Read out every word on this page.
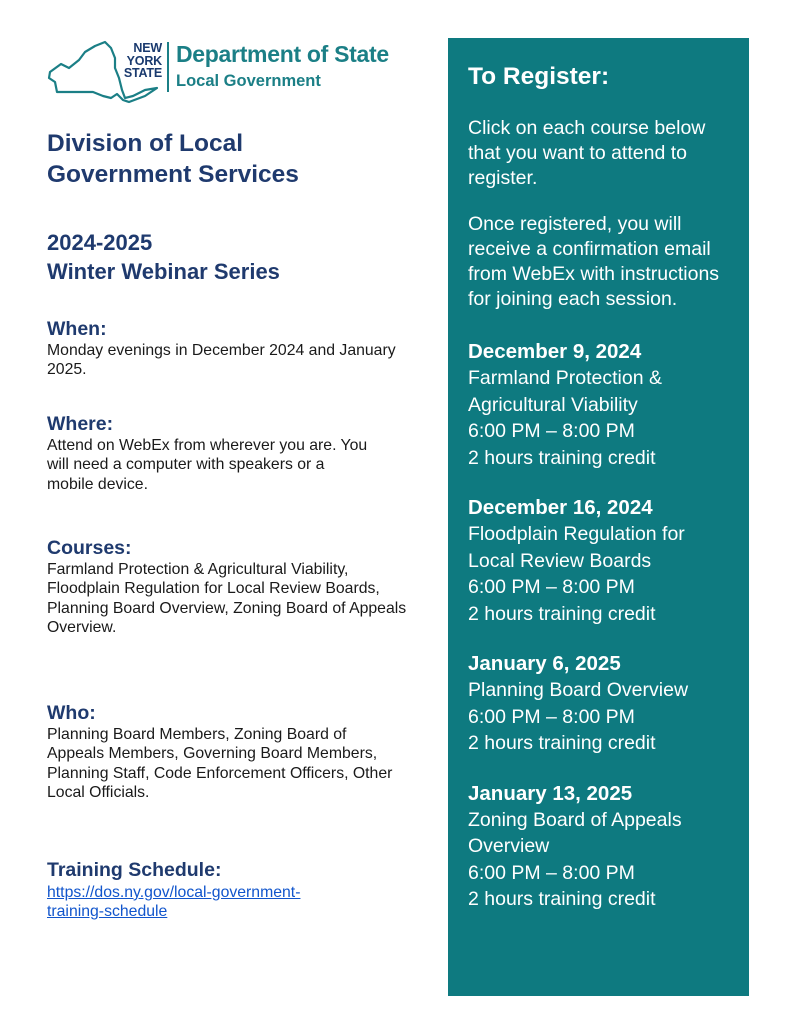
NEW
YORK
STATE
Department of State
Local Government
Division of Local
Government Services
2024-2025
Winter Webinar Series
When:

Monday evenings in December 2024 and January 2025.

Where:

Attend on WebEx from wherever you are. You will need a computer with speakers or a mobile device.

Courses:

Farmland Protection & Agricultural Viability, Floodplain Regulation for Local Review Boards, Planning Board Overview, Zoning Board of Appeals Overview.

Who:

Planning Board Members, Zoning Board of Appeals Members, Governing Board Members, Planning Staff, Code Enforcement Officers, Other Local Officials.

Training Schedule:
https://dos.ny.gov/local-government-
training-schedule
To Register:

Click on each course below that you want to attend to register.

Once registered, you will receive a confirmation email from WebEx with instructions for joining each session.

December 9, 2024

Farmland Protection &

Agricultural Viability

6:00 PM – 8:00 PM

2 hours training credit

December 16, 2024

Floodplain Regulation for

Local Review Boards

6:00 PM – 8:00 PM

2 hours training credit

January 6, 2025

Planning Board Overview

6:00 PM – 8:00 PM

2 hours training credit

January 13, 2025

Zoning Board of Appeals

Overview

6:00 PM – 8:00 PM

2 hours training credit
